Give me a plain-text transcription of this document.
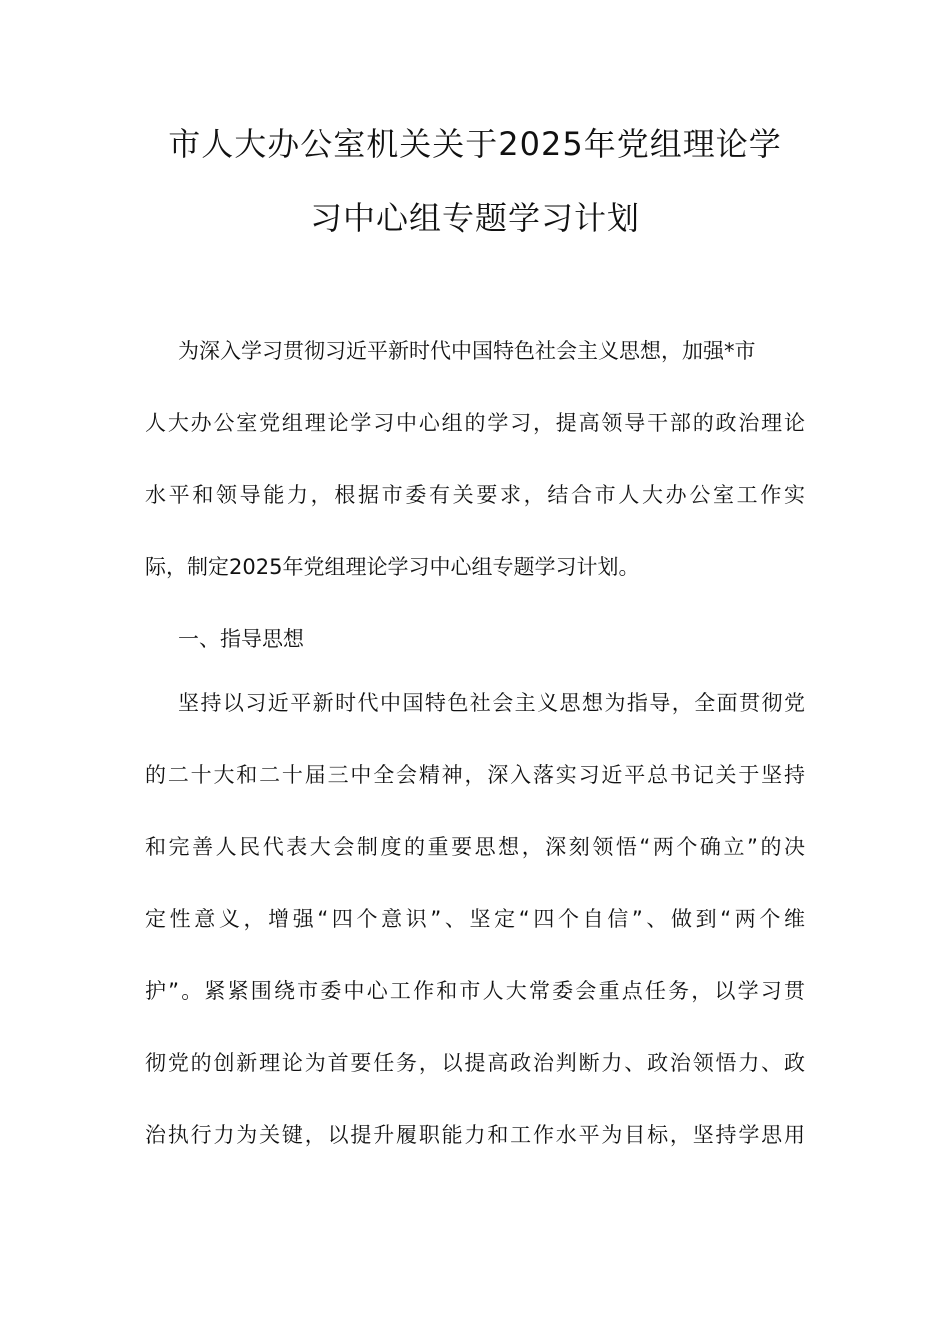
市人大办公室机关关于2025年党组理论学
习中心组专题学习计划
为深入学习贯彻习近平新时代中国特色社会主义思想，加强*市
人大办公室党组理论学习中心组的学习，提高领导干部的政治理论
水平和领导能力，根据市委有关要求，结合市人大办公室工作实
际，制定2025年党组理论学习中心组专题学习计划。
一、指导思想
坚持以习近平新时代中国特色社会主义思想为指导，全面贯彻党
的二十大和二十届三中全会精神，深入落实习近平总书记关于坚持
和完善人民代表大会制度的重要思想，深刻领悟“两个确立”的决
定性意义，增强“四个意识”、坚定“四个自信”、做到“两个维
护”。紧紧围绕市委中心工作和市人大常委会重点任务，以学习贯
彻党的创新理论为首要任务，以提高政治判断力、政治领悟力、政
治执行力为关键，以提升履职能力和工作水平为目标，坚持学思用
